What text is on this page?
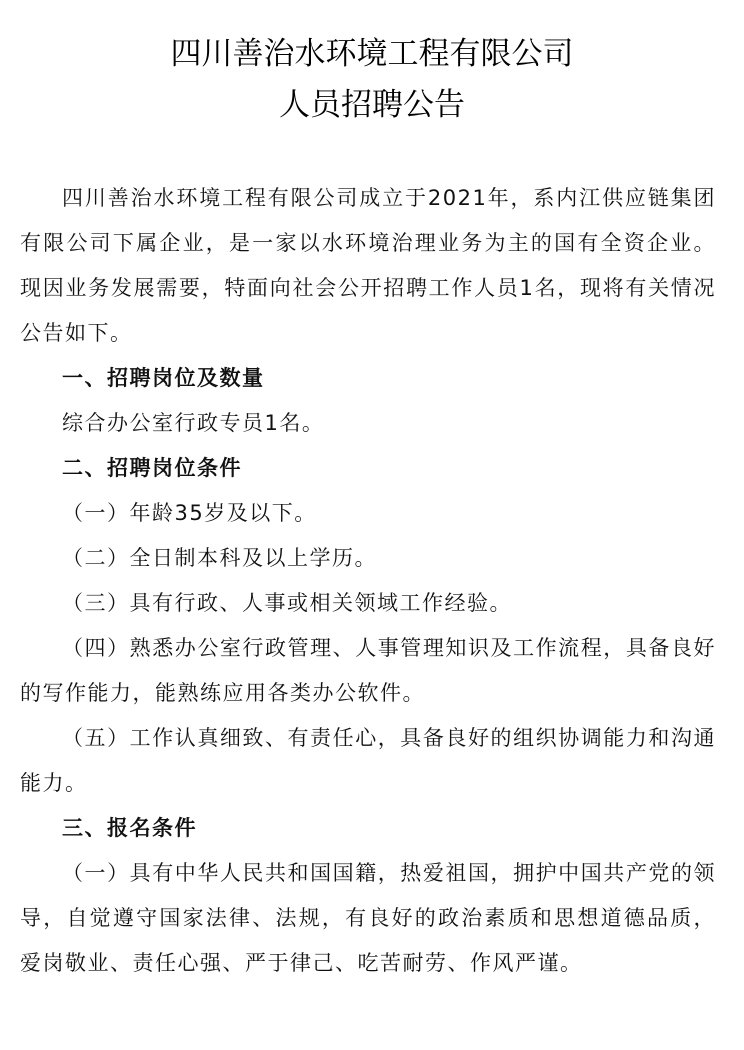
四川善治水环境工程有限公司
人员招聘公告

四川善治水环境工程有限公司成立于2021年，系内江供应链集团有限公司下属企业，是一家以水环境治理业务为主的国有全资企业。现因业务发展需要，特面向社会公开招聘工作人员1名，现将有关情况公告如下。

一、招聘岗位及数量

综合办公室行政专员1名。

二、招聘岗位条件

（一）年龄35岁及以下。

（二）全日制本科及以上学历。

（三）具有行政、人事或相关领域工作经验。

（四）熟悉办公室行政管理、人事管理知识及工作流程，具备良好的写作能力，能熟练应用各类办公软件。

（五）工作认真细致、有责任心，具备良好的组织协调能力和沟通能力。

三、报名条件

（一）具有中华人民共和国国籍，热爱祖国，拥护中国共产党的领导，自觉遵守国家法律、法规，有良好的政治素质和思想道德品质，爱岗敬业、责任心强、严于律己、吃苦耐劳、作风严谨。
